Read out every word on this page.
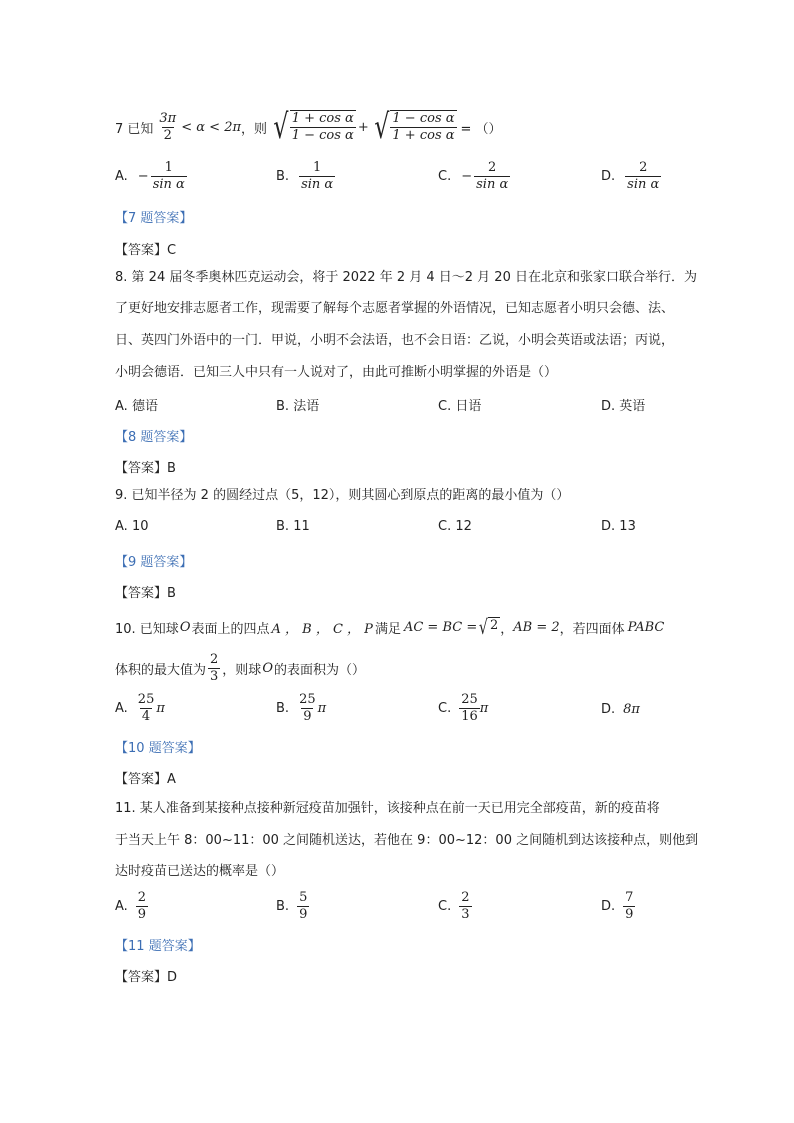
7 已知 $\frac{3\pi}{2} < \alpha < 2\pi$ ，则 √ $\frac{\text{1 + cos α}}{\text{1 − cos α}}$ + √ $\frac{\text{1 − cos α}}{\text{1 + cos α}}$ = （）
A. − $\frac{1}{\text{sin α}}$	B. $\frac{1}{\text{sin α}}$	C. − $\frac{2}{\text{sin α}}$	D. $\frac{2}{\text{sin α}}$
【7 题答案】
【答案】C
8. 第 24 届冬季奥林匹克运动会，将于 2022 年 2 月 4 日～2 月 20 日在北京和张家口联合举行．为
了更好地安排志愿者工作，现需要了解每个志愿者掌握的外语情况，已知志愿者小明只会德、法、
日、英四门外语中的一门．甲说，小明不会法语，也不会日语：乙说，小明会英语或法语；丙说，
小明会德语．已知三人中只有一人说对了，由此可推断小明掌握的外语是（）
A. 德语	B. 法语	C. 日语	D. 英语
【8 题答案】
【答案】B
9. 已知半径为 2 的圆经过点（5，12），则其圆心到原点的距离的最小值为（）
A. 10	B. 11	C. 12	D. 13
【9 题答案】
【答案】B
10. 已知球 O 表面上的四点 A ， B ， C ， P 满足 AC = BC = √ 2 ， AB = 2 ，若四面体 PABC
体积的最大值为 $\frac{2}{3}$ ，则球 O 的表面积为（）
A. $\frac{25}{4}$ π	B. $\frac{25}{9}$ π	C. $\frac{25}{16}$ π	D. 8π
【10 题答案】
【答案】A
11. 某人准备到某接种点接种新冠疫苗加强针，该接种点在前一天已用完全部疫苗，新的疫苗将
于当天上午 8：00~11：00 之间随机送达，若他在 9：00~12：00 之间随机到达该接种点，则他到
达时疫苗已送达的概率是（）
A. $\frac{2}{9}$	B. $\frac{5}{9}$	C. $\frac{2}{3}$	D. $\frac{7}{9}$
【11 题答案】
【答案】D
